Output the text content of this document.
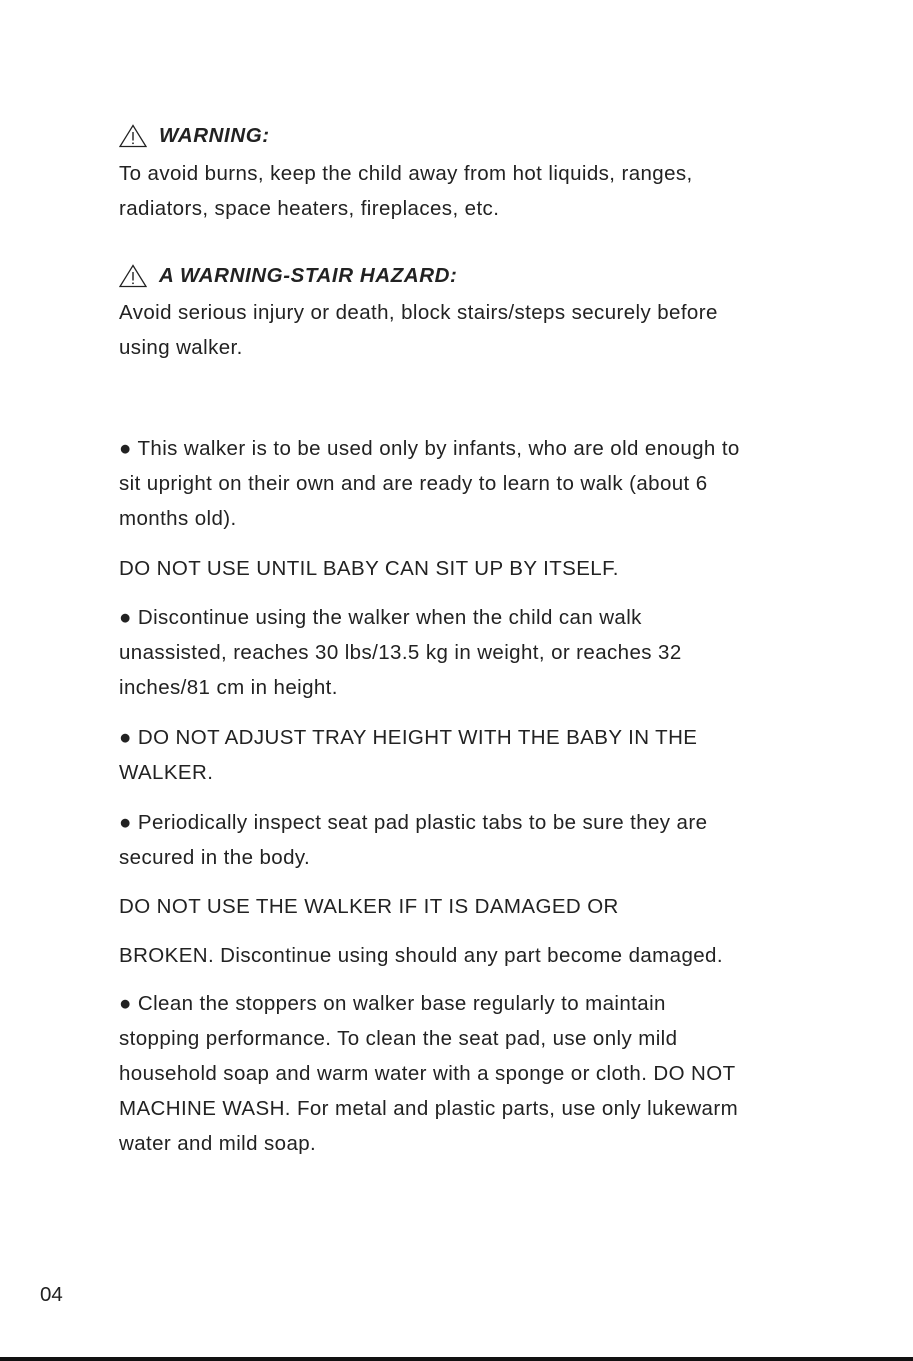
WARNING:
To avoid burns, keep the child away from hot liquids, ranges,
radiators, space heaters, fireplaces, etc.
A WARNING-STAIR HAZARD:
Avoid serious injury or death, block stairs/steps securely before
using walker.
● This walker is to be used only by infants, who are old enough to
sit upright on their own and are ready to learn to walk (about 6
months old).
DO NOT USE UNTIL BABY CAN SIT UP BY ITSELF.
● Discontinue using the walker when the child can walk
unassisted, reaches 30 lbs/13.5 kg in weight, or reaches 32
inches/81 cm in height.
● DO NOT ADJUST TRAY HEIGHT WITH THE BABY IN THE
WALKER.
● Periodically inspect seat pad plastic tabs to be sure they are
secured in the body.
DO NOT USE THE WALKER IF IT IS DAMAGED OR
BROKEN. Discontinue using should any part become damaged.
● Clean the stoppers on walker base regularly to maintain
stopping performance. To clean the seat pad, use only mild
household soap and warm water with a sponge or cloth. DO NOT
MACHINE WASH. For metal and plastic parts, use only lukewarm
water and mild soap.
04
